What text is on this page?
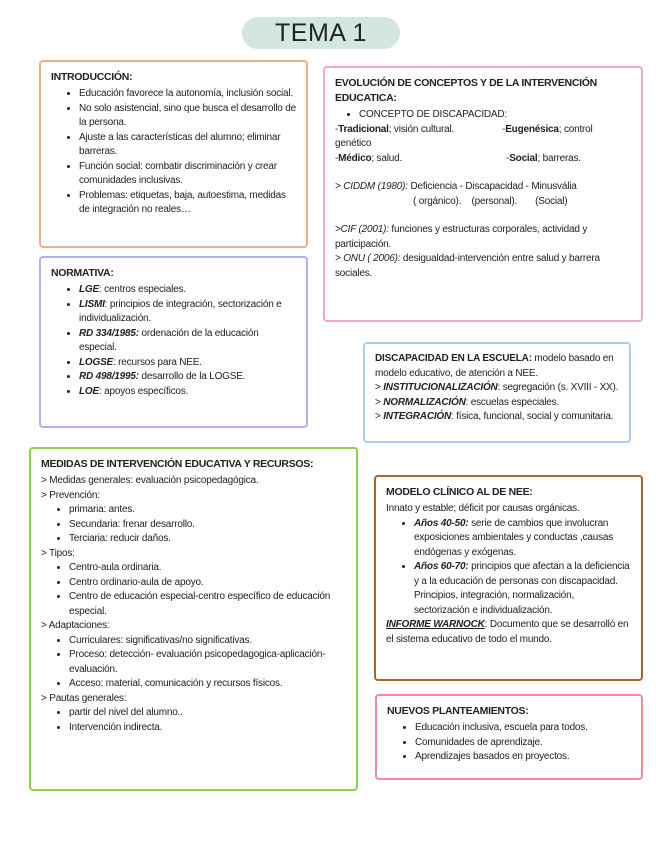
TEMA 1
INTRODUCCIÓN:
• Educación favorece la autonomía, inclusión social.
• No solo asistencial, sino que busca el desarrollo de la persona.
• Ajuste a las características del alumno; eliminar barreras.
• Función social: combatir discriminación y crear comunidades inclusivas.
• Problemas: etiquetas, baja, autoestima, medidas de integración no reales…
NORMATIVA:
• LGE: centros especiales.
• LISMI: principios de integración, sectorización e individualización.
• RD 334/1985: ordenación de la educación especial.
• LOGSE: recursos para NEE.
• RD 498/1995: desarrollo de la LOGSE.
• LOE: apoyos específicos.
EVOLUCIÓN DE CONCEPTOS Y DE LA INTERVENCIÓN EDUCATICA:
• CONCEPTO DE DISCAPACIDAD:

-Tradicional; visión cultural.	-Eugenésica; control genético

-Médico; salud.	-Social; barreras.

> CIDDM (1980): Deficiencia - Discapacidad - Minusvália

( orgánico).    (personal).       (Social)

>CIF (2001): funciones y estructuras corporales, actividad y participación.

> ONU ( 2006): desigualdad-intervención entre salud y barrera sociales.

DISCAPACIDAD EN LA ESCUELA: modelo basado en modelo educativo, de atención a NEE.

> INSTITUCIONALIZACIÓN: segregación (s. XVIII - XX).

> NORMALIZACIÓN: escuelas especiales.

> INTEGRACIÓN: física, funcional, social y comunitaria.

MEDIDAS DE INTERVENCIÓN EDUCATIVA Y RECURSOS:

> Medidas generales: evaluación psicopedagógica.

> Prevención:

• primaria: antes.
• Secundaria: frenar desarrollo.
• Terciaria: reducir daños.

> Tipos:

• Centro-aula ordinaria.
• Centro ordinario-aula de apoyo.
• Centro de educación especial-centro específico de educación especial.

> Adaptaciones:

• Curriculares: significativas/no significativas.
• Proceso: detección- evaluación psicopedagogica-aplicación-evaluación.
• Acceso: material, comunicación y recursos físicos.

> Pautas generales:

• partir del nivel del alumno..
• Intervención indirecta.
MODELO CLÍNICO AL DE NEE:

Innato y estable; déficit por causas orgánicas.

• Años 40-50: serie de cambios que involucran exposiciones ambientales y conductas ,causas endógenas y exógenas.
• Años 60-70: principios que afectan a la deficiencia y a la educación de personas con discapacidad. Principios, integración, normalización, sectorización e individualización.

INFORME WARNOCK: Documento que se desarrolló en el sistema educativo de todo el mundo.

NUEVOS PLANTEAMIENTOS:
• Educación inclusiva, escuela para todos.
• Comunidades de aprendizaje.
• Aprendizajes basados en proyectos.
